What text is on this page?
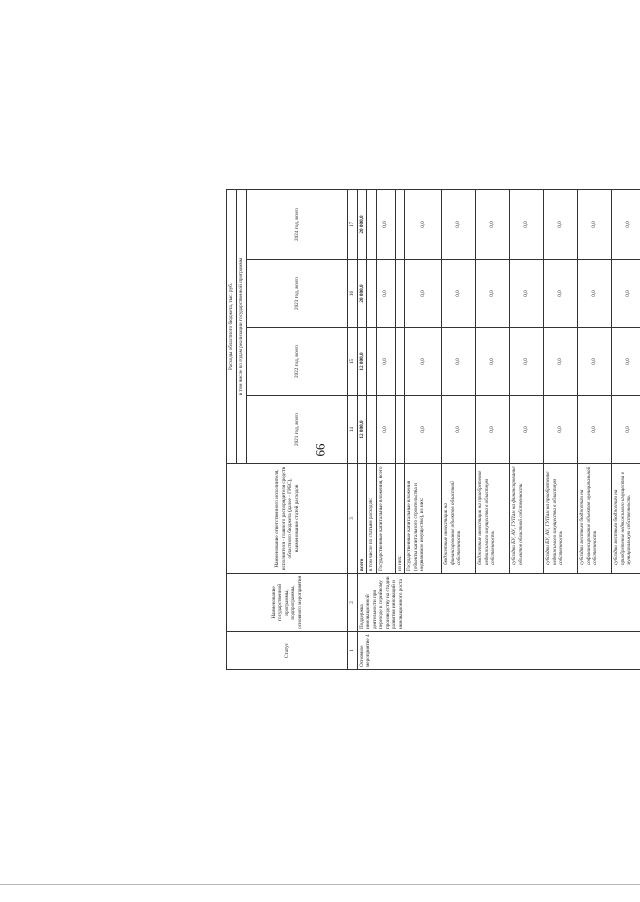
99
Статус	Наименование государственной программы, подпрограммы, основного мероприятия	Наименование ответственного исполнителя, исполнителя - главного распорядителя средств областного бюджета (далее - ГРБС), наименование статей расходов	Расходы областного бюджета, тыс. руб.			
			в том числе по годам реализации государственной программы			
			2021 год, всего	2022 год, всего	2023 год, всего	2024 год, всего
1	2	3	14	15	16	17
Основное мероприятие 4	Поддержка инновационной деятельности при переходе к серийному производству на стадии развития инноваций и инновационного роста	всего	12 000,0	12 000,0	20 000,0	20 000,0
		в том числе по статьям расходов:				
		Государственные капитальные вложения, всего	0,0	0,0	0,0	0,0
		из них:				
		Государственные капитальные вложения (объекты капитального строительства и недвижимое имущество), из них:	0,0	0,0	0,0	0,0
		бюджетные инвестиции на финансирование объектов областной собственности	0,0	0,0	0,0	0,0
		бюджетные инвестиции на приобретение недвижимого имущества в областную собственность	0,0	0,0	0,0	0,0
		субсидии БУ, АУ, ГУПам на финансирование объектов областной собственности	0,0	0,0	0,0	0,0
		субсидии БУ, АУ, ГУПам на приобретение недвижимого имущества в областную собственность	0,0	0,0	0,0	0,0
		субсидии местным бюджетам на софинансирование объектов муниципальной собственности	0,0	0,0	0,0	0,0
		субсидии местным бюджетам на приобретение недвижимого имущества в муниципальную собственность	0,0	0,0	0,0	0,0
